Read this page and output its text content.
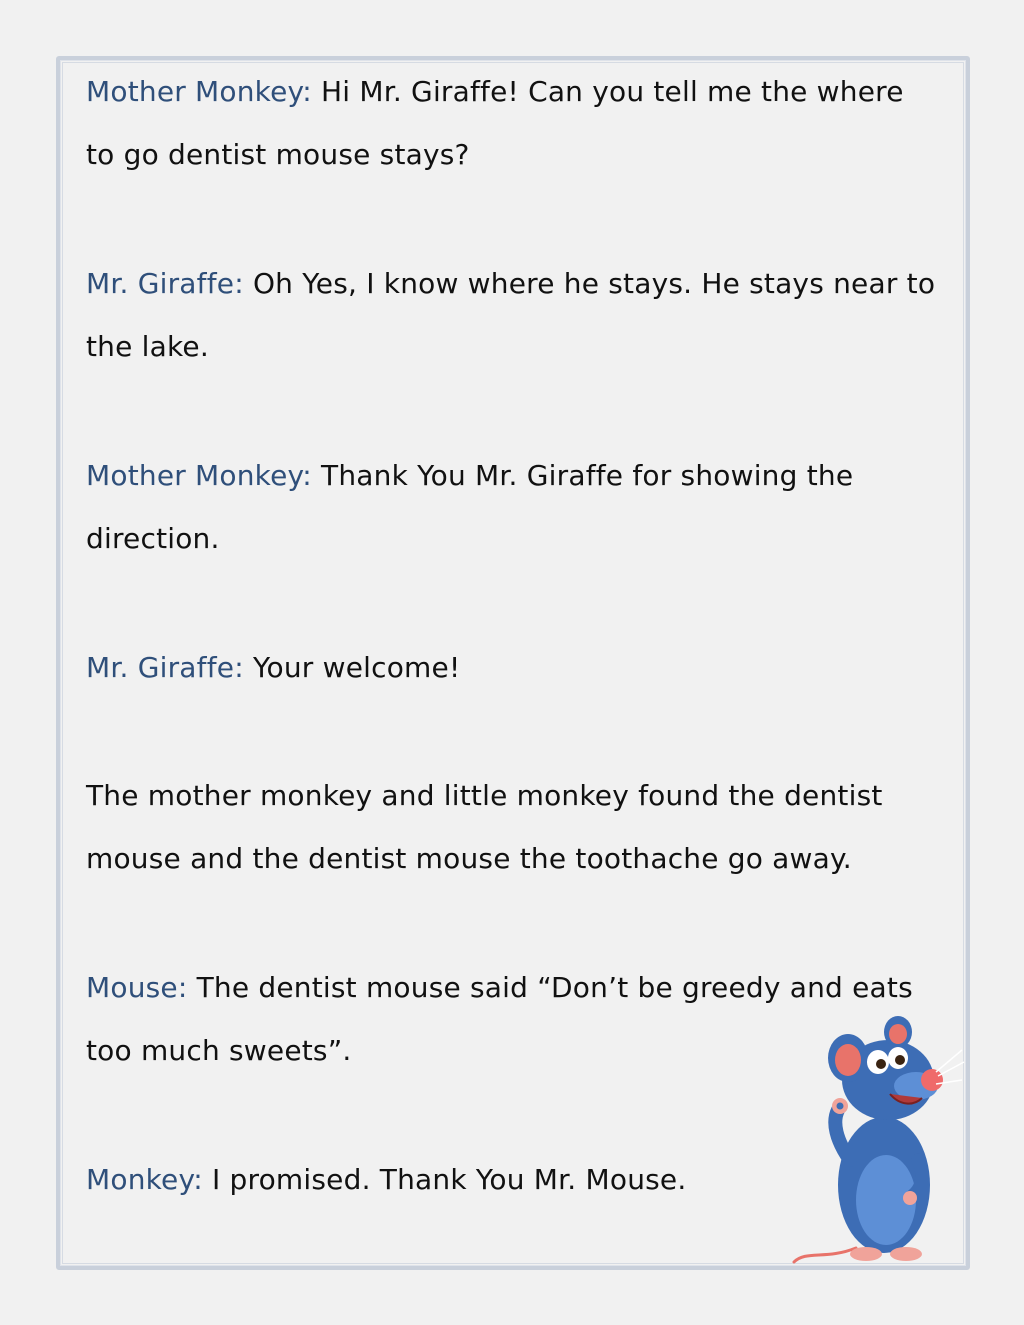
Mother Monkey: Hi Mr. Giraffe! Can you tell me the where to go dentist mouse stays?

Mr. Giraffe: Oh Yes, I know where he stays. He stays near to the lake.

Mother Monkey: Thank You Mr. Giraffe for showing the direction.

Mr. Giraffe: Your welcome!

The mother monkey and little monkey found the dentist mouse and the dentist mouse the toothache go away.

Mouse: The dentist mouse said “Don’t be greedy and eats too much sweets”.

Monkey: I promised. Thank You Mr. Mouse.
